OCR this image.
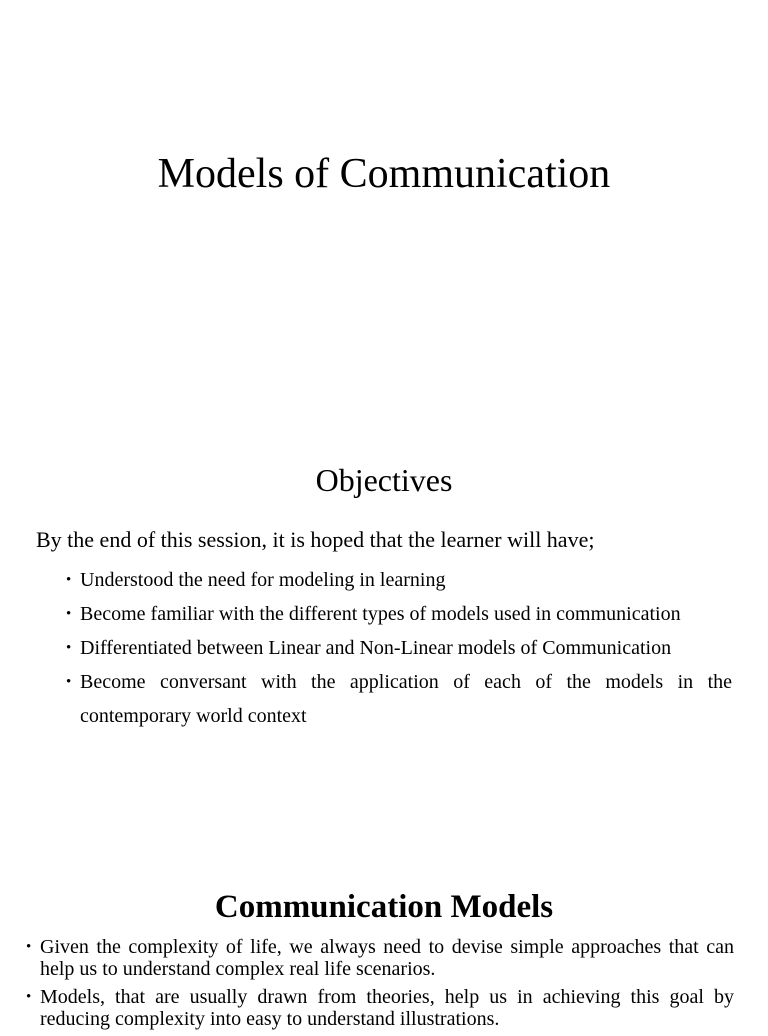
Models of Communication
Objectives
By the end of this session, it is hoped that the learner will have;
• Understood the need for modeling in learning
• Become familiar with the different types of models used in communication
• Differentiated between Linear and Non-Linear models of Communication
• Become conversant with the application of each of the models in the contemporary world context
Communication Models
• Given the complexity of life, we always need to devise simple approaches that can help us to understand complex real life scenarios.
• Models, that are usually drawn from theories, help us in achieving this goal by reducing complexity into easy to understand illustrations.
